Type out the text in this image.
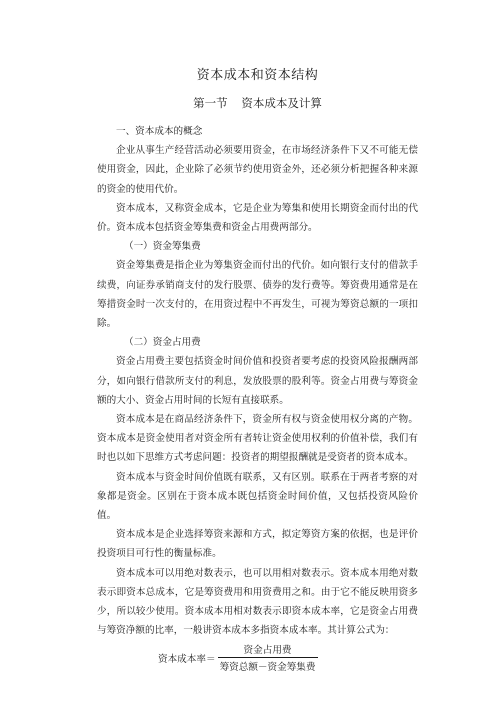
资本成本和资本结构
第一节 资本成本及计算
一、资本成本的概念

企业从事生产经营活动必须要用资金，在市场经济条件下又不可能无偿使用资金，因此，企业除了必须节约使用资金外，还必须分析把握各种来源的资金的使用代价。

资本成本，又称资金成本，它是企业为筹集和使用长期资金而付出的代价。资本成本包括资金筹集费和资金占用费两部分。

（一）资金筹集费

资金筹集费是指企业为筹集资金而付出的代价。如向银行支付的借款手续费，向证券承销商支付的发行股票、债券的发行费等。筹资费用通常是在筹措资金时一次支付的，在用资过程中不再发生，可视为筹资总额的一项扣除。

（二）资金占用费

资金占用费主要包括资金时间价值和投资者要考虑的投资风险报酬两部分，如向银行借款所支付的利息，发放股票的股利等。资金占用费与筹资金额的大小、资金占用时间的长短有直接联系。

资本成本是在商品经济条件下，资金所有权与资金使用权分离的产物。资本成本是资金使用者对资金所有者转让资金使用权利的价值补偿，我们有时也以如下思维方式考虑问题：投资者的期望报酬就是受资者的资本成本。

资本成本与资金时间价值既有联系，又有区别。联系在于两者考察的对象都是资金。区别在于资本成本既包括资金时间价值，又包括投资风险价值。

资本成本是企业选择筹资来源和方式，拟定筹资方案的依据，也是评价投资项目可行性的衡量标准。

资本成本可以用绝对数表示，也可以用相对数表示。资本成本用绝对数表示即资本总成本，它是筹资费用和用资费用之和。由于它不能反映用资多少，所以较少使用。资本成本用相对数表示即资本成本率，它是资金占用费与筹资净额的比率，一般讲资本成本多指资本成本率。其计算公式为：

资本成本率＝ $\frac{\text{资金占用费}}{\text{筹资总额－资金筹集费}}$
